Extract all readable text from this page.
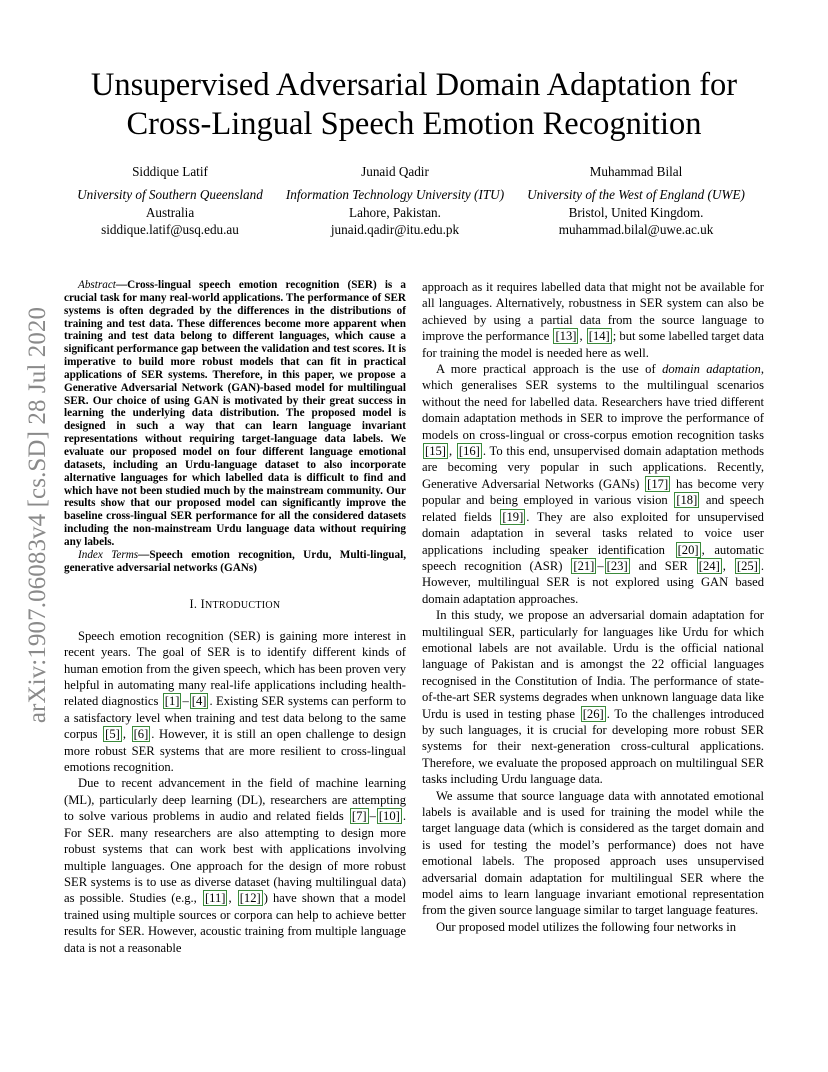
Unsupervised Adversarial Domain Adaptation for
Cross-Lingual Speech Emotion Recognition
Siddique Latif
University of Southern Queensland
Australia
siddique.latif@usq.edu.au
Junaid Qadir
Information Technology University (ITU)
Lahore, Pakistan.
junaid.qadir@itu.edu.pk
Muhammad Bilal
University of the West of England (UWE)
Bristol, United Kingdom.
muhammad.bilal@uwe.ac.uk
arXiv:1907.06083v4 [cs.SD] 28 Jul 2020

Abstract—Cross-lingual speech emotion recognition (SER) is a crucial task for many real-world applications. The performance of SER systems is often degraded by the differences in the distributions of training and test data. These differences become more apparent when training and test data belong to different languages, which cause a significant performance gap between the validation and test scores. It is imperative to build more robust models that can fit in practical applications of SER systems. Therefore, in this paper, we propose a Generative Adversarial Network (GAN)-based model for multilingual SER. Our choice of using GAN is motivated by their great success in learning the underlying data distribution. The proposed model is designed in such a way that can learn language invariant representations without requiring target-language data labels. We evaluate our proposed model on four different language emotional datasets, including an Urdu-language dataset to also incorporate alternative languages for which labelled data is difficult to find and which have not been studied much by the mainstream community. Our results show that our proposed model can significantly improve the baseline cross-lingual SER performance for all the considered datasets including the non-mainstream Urdu language data without requiring any labels.

Index Terms—Speech emotion recognition, Urdu, Multi-lingual, generative adversarial networks (GANs)

I. INTRODUCTION

Speech emotion recognition (SER) is gaining more interest in recent years. The goal of SER is to identify different kinds of human emotion from the given speech, which has been proven very helpful in automating many real-life applications including health-related diagnostics [1] – [4] . Existing SER systems can perform to a satisfactory level when training and test data belong to the same corpus [5] , [6] . However, it is still an open challenge to design more robust SER systems that are more resilient to cross-lingual emotions recognition.

Due to recent advancement in the field of machine learning (ML), particularly deep learning (DL), researchers are attempting to solve various problems in audio and related fields [7] – [10] . For SER. many researchers are also attempting to design more robust systems that can work best with applications involving multiple languages. One approach for the design of more robust SER systems is to use as diverse dataset (having multilingual data) as possible. Studies (e.g., [11] , [12] ) have shown that a model trained using multiple sources or corpora can help to achieve better results for SER. However, acoustic training from multiple language data is not a reasonable

approach as it requires labelled data that might not be available for all languages. Alternatively, robustness in SER system can also be achieved by using a partial data from the source language to improve the performance [13] , [14] ; but some labelled target data for training the model is needed here as well.

A more practical approach is the use of domain adaptation, which generalises SER systems to the multilingual scenarios without the need for labelled data. Researchers have tried different domain adaptation methods in SER to improve the performance of models on cross-lingual or cross-corpus emotion recognition tasks [15] , [16] . To this end, unsupervised domain adaptation methods are becoming very popular in such applications. Recently, Generative Adversarial Networks (GANs) [17] has become very popular and being employed in various vision [18] and speech related fields [19] . They are also exploited for unsupervised domain adaptation in several tasks related to voice user applications including speaker identification [20] , automatic speech recognition (ASR) [21] – [23] and SER [24] , [25] . However, multilingual SER is not explored using GAN based domain adaptation approaches.

In this study, we propose an adversarial domain adaptation for multilingual SER, particularly for languages like Urdu for which emotional labels are not available. Urdu is the official national language of Pakistan and is amongst the 22 official languages recognised in the Constitution of India. The performance of state-of-the-art SER systems degrades when unknown language data like Urdu is used in testing phase [26] . To the challenges introduced by such languages, it is crucial for developing more robust SER systems for their next-generation cross-cultural applications. Therefore, we evaluate the proposed approach on multilingual SER tasks including Urdu language data.

We assume that source language data with annotated emotional labels is available and is used for training the model while the target language data (which is considered as the target domain and is used for testing the model’s performance) does not have emotional labels. The proposed approach uses unsupervised adversarial domain adaptation for multilingual SER where the model aims to learn language invariant emotional representation from the given source language similar to target language features.

Our proposed model utilizes the following four networks in
